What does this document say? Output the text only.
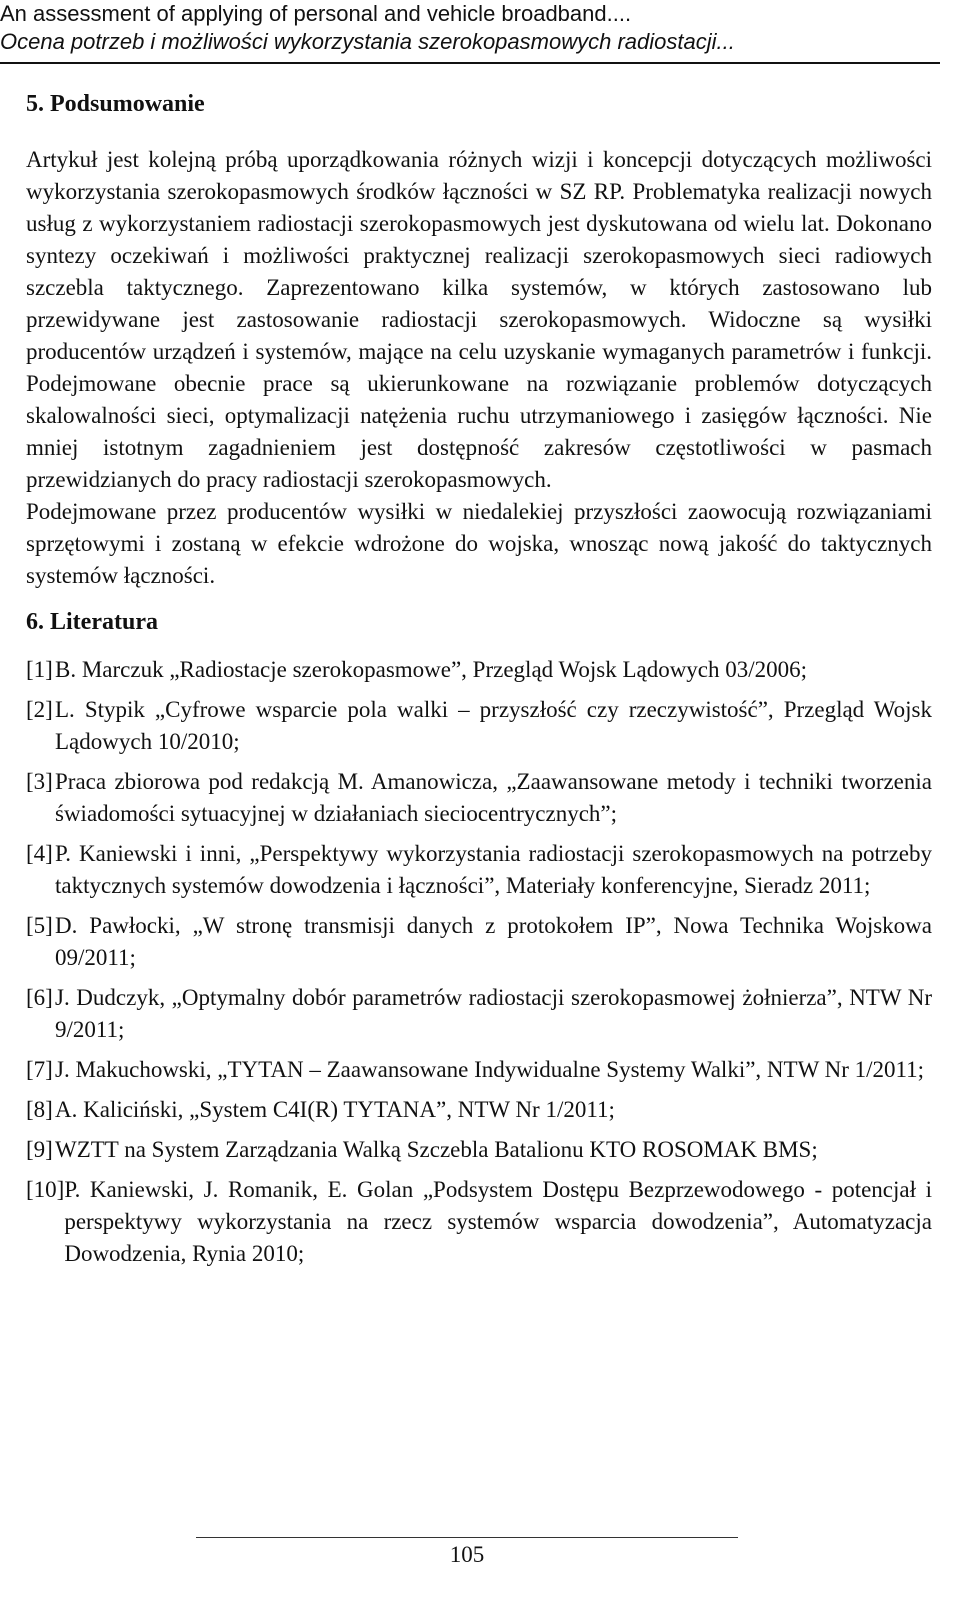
An assessment of applying of personal and vehicle broadband....
Ocena potrzeb i możliwości wykorzystania szerokopasmowych radiostacji...
5. Podsumowanie

Artykuł jest kolejną próbą uporządkowania różnych wizji i koncepcji dotyczących możliwości wykorzystania szerokopasmowych środków łączności w SZ RP. Problematyka realizacji nowych usług z wykorzystaniem radiostacji szerokopasmowych jest dyskutowana od wielu lat. Dokonano syntezy oczekiwań i możliwości praktycznej realizacji szerokopasmowych sieci radiowych szczebla taktycznego. Zaprezentowano kilka systemów, w których zastosowano lub przewidywane jest zastosowanie radiostacji szerokopasmowych. Widoczne są wysiłki producentów urządzeń i systemów, mające na celu uzyskanie wymaganych parametrów i funkcji. Podejmowane obecnie prace są ukierunkowane na rozwiązanie problemów dotyczących skalowalności sieci, optymalizacji natężenia ruchu utrzymaniowego i zasięgów łączności. Nie mniej istotnym zagadnieniem jest dostępność zakresów częstotliwości w pasmach przewidzianych do pracy radiostacji szerokopasmowych.

Podejmowane przez producentów wysiłki w niedalekiej przyszłości zaowocują rozwiązaniami sprzętowymi i zostaną w efekcie wdrożone do wojska, wnosząc nową jakość do taktycznych systemów łączności.

6. Literatura
[1] B. Marczuk „Radiostacje szerokopasmowe”, Przegląd Wojsk Lądowych 03/2006;
[2] L. Stypik „Cyfrowe wsparcie pola walki – przyszłość czy rzeczywistość”, Przegląd Wojsk Lądowych 10/2010;
[3] Praca zbiorowa pod redakcją M. Amanowicza, „Zaawansowane metody i techniki tworzenia świadomości sytuacyjnej w działaniach sieciocentrycznych”;
[4] P. Kaniewski i inni, „Perspektywy wykorzystania radiostacji szerokopasmowych na potrzeby taktycznych systemów dowodzenia i łączności”, Materiały konferencyjne, Sieradz 2011;
[5] D. Pawłocki, „W stronę transmisji danych z protokołem IP”, Nowa Technika Wojskowa 09/2011;
[6] J. Dudczyk, „Optymalny dobór parametrów radiostacji szerokopasmowej żołnierza”, NTW Nr 9/2011;
[7] J. Makuchowski, „TYTAN – Zaawansowane Indywidualne Systemy Walki”, NTW Nr 1/2011;
[8] A. Kaliciński, „System C4I(R) TYTANA”, NTW Nr 1/2011;
[9] WZTT na System Zarządzania Walką Szczebla Batalionu KTO ROSOMAK BMS;
[10] P. Kaniewski, J. Romanik, E. Golan „Podsystem Dostępu Bezprzewodowego - potencjał i perspektywy wykorzystania na rzecz systemów wsparcia dowodzenia”, Automatyzacja Dowodzenia, Rynia 2010;
105
